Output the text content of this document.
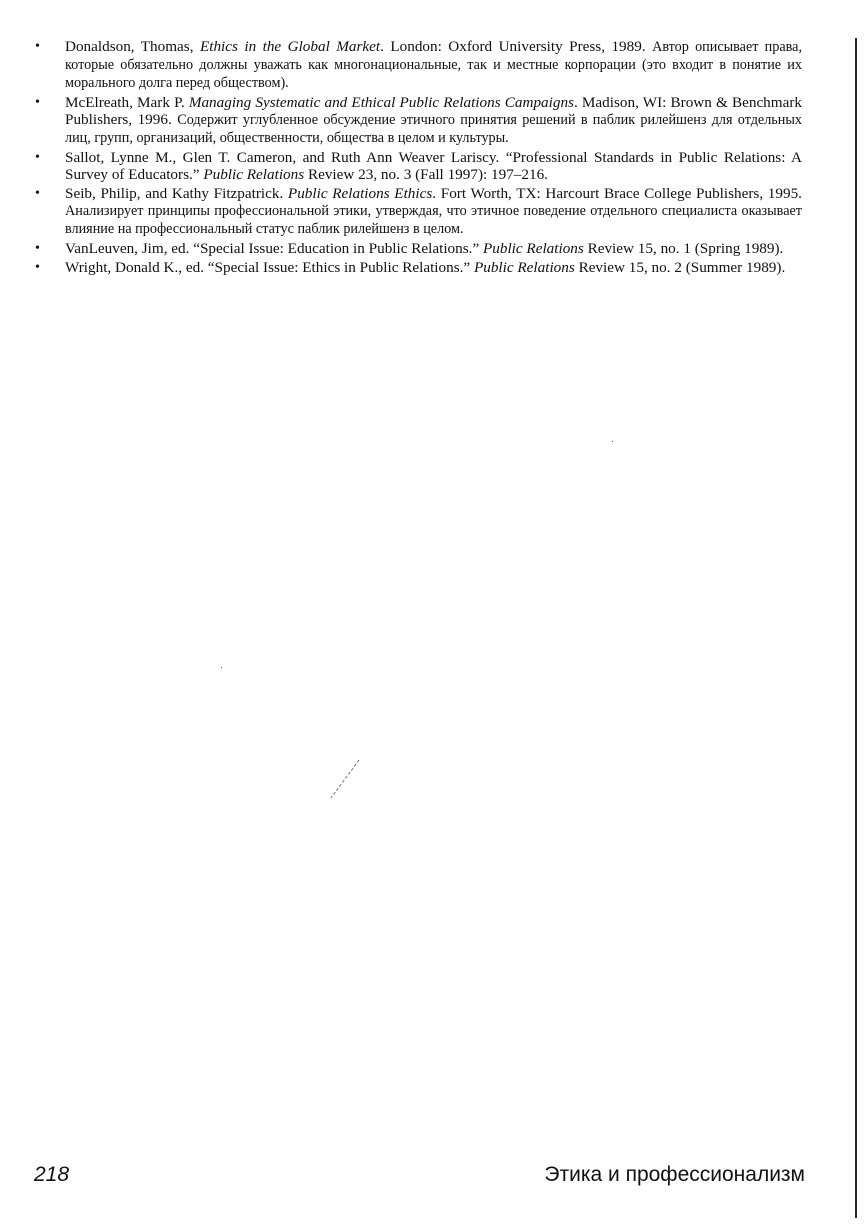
• Donaldson, Thomas, Ethics in the Global Market. London: Oxford University Press, 1989. Автор описывает права, которые обязательно должны уважать как многонациональные, так и местные корпорации (это входит в понятие их морального долга перед обществом).
• McElreath, Mark P. Managing Systematic and Ethical Public Relations Campaigns. Madison, WI: Brown & Benchmark Publishers, 1996. Содержит углубленное обсуждение этичного принятия решений в паблик рилейшенз для отдельных лиц, групп, организаций, общественности, общества в целом и культуры.
• Sallot, Lynne M., Glen T. Cameron, and Ruth Ann Weaver Lariscy. “Professional Standards in Public Relations: A Survey of Educators.” Public Relations Review 23, no. 3 (Fall 1997): 197–216.
• Seib, Philip, and Kathy Fitzpatrick. Public Relations Ethics. Fort Worth, TX: Harcourt Brace College Publishers, 1995. Анализирует принципы профессиональной этики, утверждая, что этичное поведение отдельного специалиста оказывает влияние на профессиональный статус паблик рилейшенз в целом.
• VanLeuven, Jim, ed. “Special Issue: Education in Public Relations.” Public Relations Review 15, no. 1 (Spring 1989).
• Wright, Donald K., ed. “Special Issue: Ethics in Public Relations.” Public Relations Review 15, no. 2 (Summer 1989).
218	Этика и профессионализм
